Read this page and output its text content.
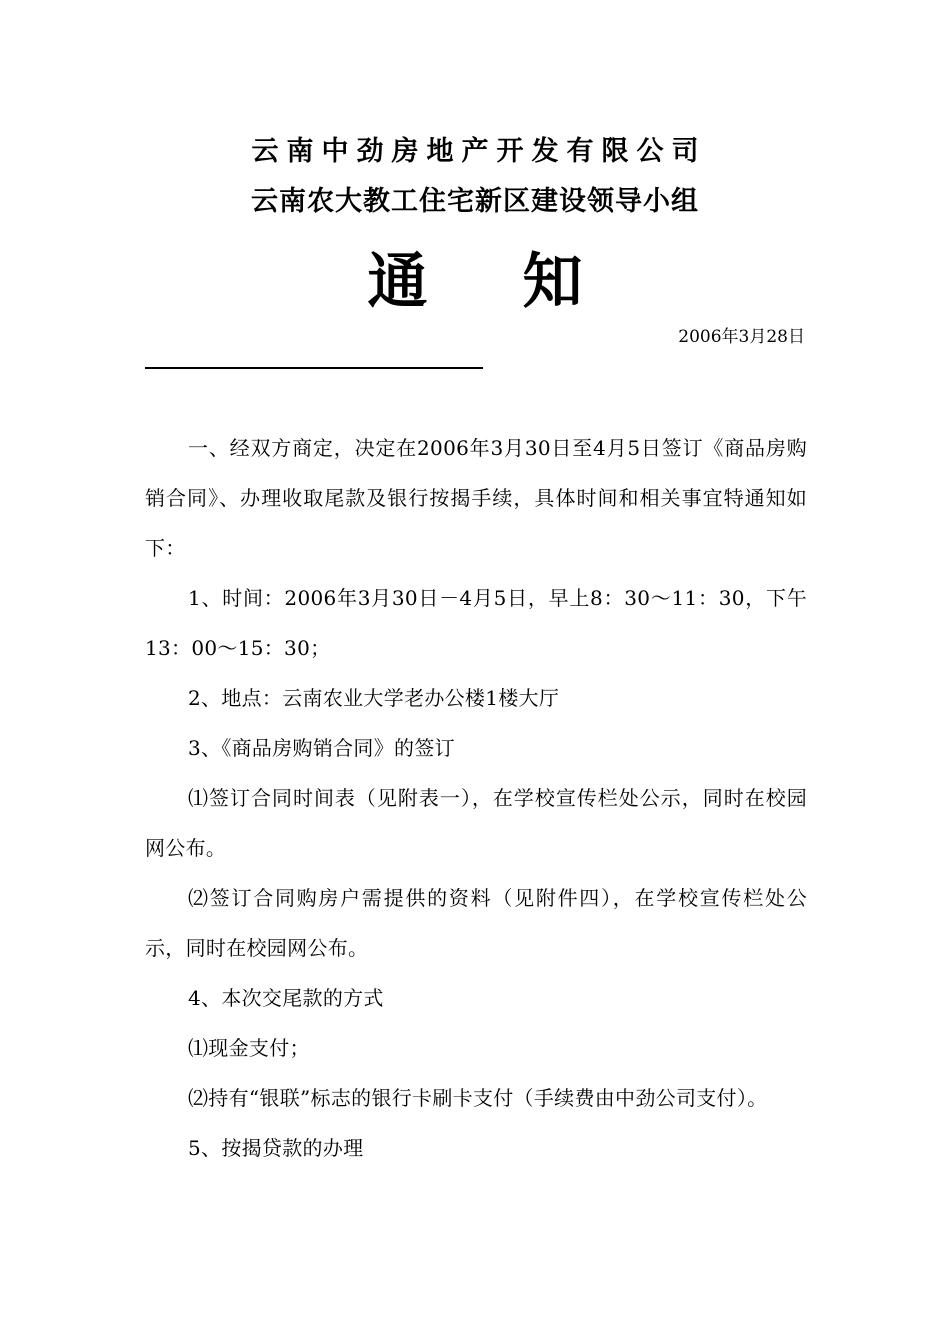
云南中劲房地产开发有限公司
云南农大教工住宅新区建设领导小组
通知
2006年3月28日

一、经双方商定，决定在2006年3月30日至4月5日签订《商品房购销合同》、办理收取尾款及银行按揭手续，具体时间和相关事宜特通知如下：

1、时间：2006年3月30日－4月5日，早上8：30～11：30，下午13：00～15：30；

2、地点：云南农业大学老办公楼1楼大厅

3、《商品房购销合同》的签订

⑴签订合同时间表（见附表一），在学校宣传栏处公示，同时在校园网公布。

⑵签订合同购房户需提供的资料（见附件四），在学校宣传栏处公示，同时在校园网公布。

4、本次交尾款的方式

⑴现金支付；

⑵持有“银联”标志的银行卡刷卡支付（手续费由中劲公司支付）。

5、按揭贷款的办理
